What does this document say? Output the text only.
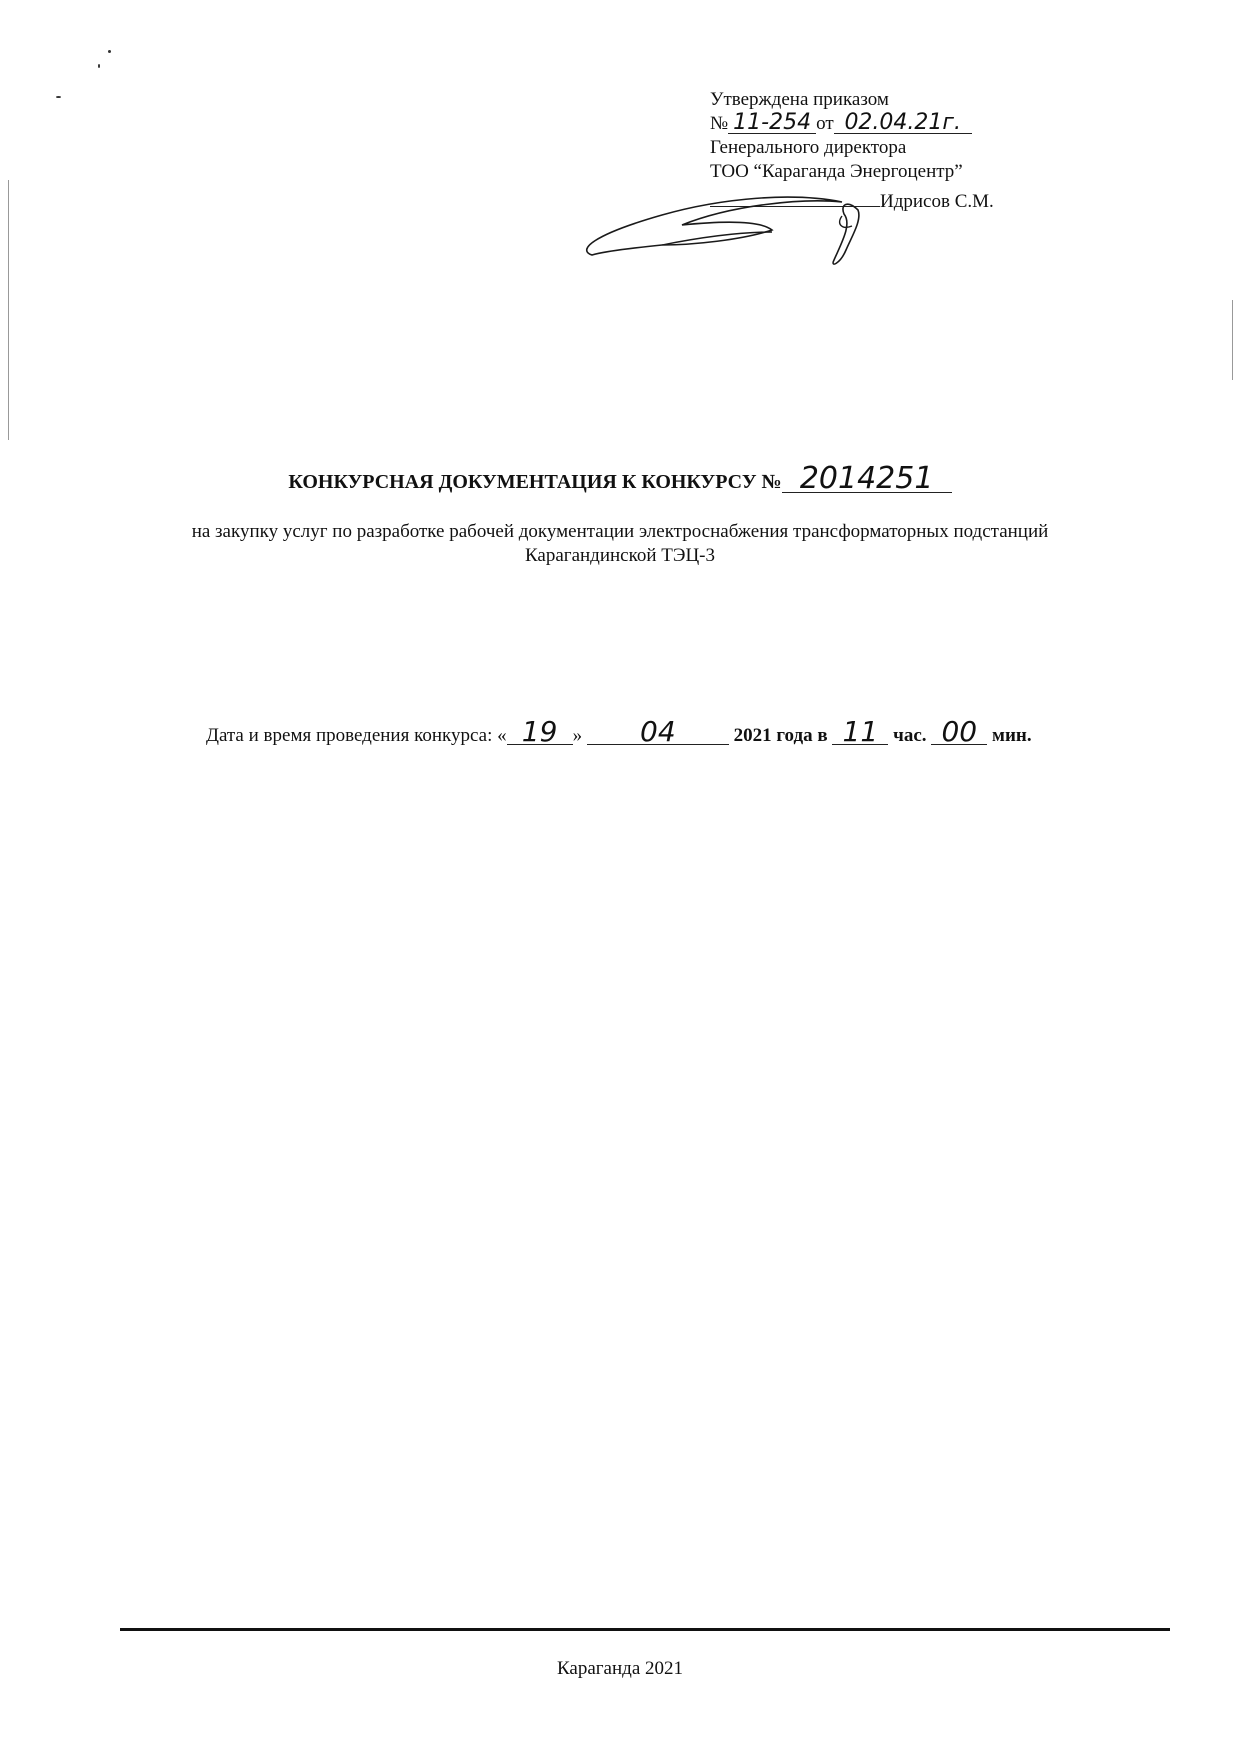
Утверждена приказом
№ 11-254 от 02.04.21г.
Генерального директора
ТОО “Караганда Энергоцентр”
Идрисов С.М.
КОНКУРСНАЯ ДОКУМЕНТАЦИЯ К КОНКУРСУ № 2014251
на закупку услуг по разработке рабочей документации электроснабжения трансформаторных подстанций
Карагандинской ТЭЦ-3
Дата и время проведения конкурса: « 19 » 04	2021 года в 11 час. 00 мин.
Караганда 2021
